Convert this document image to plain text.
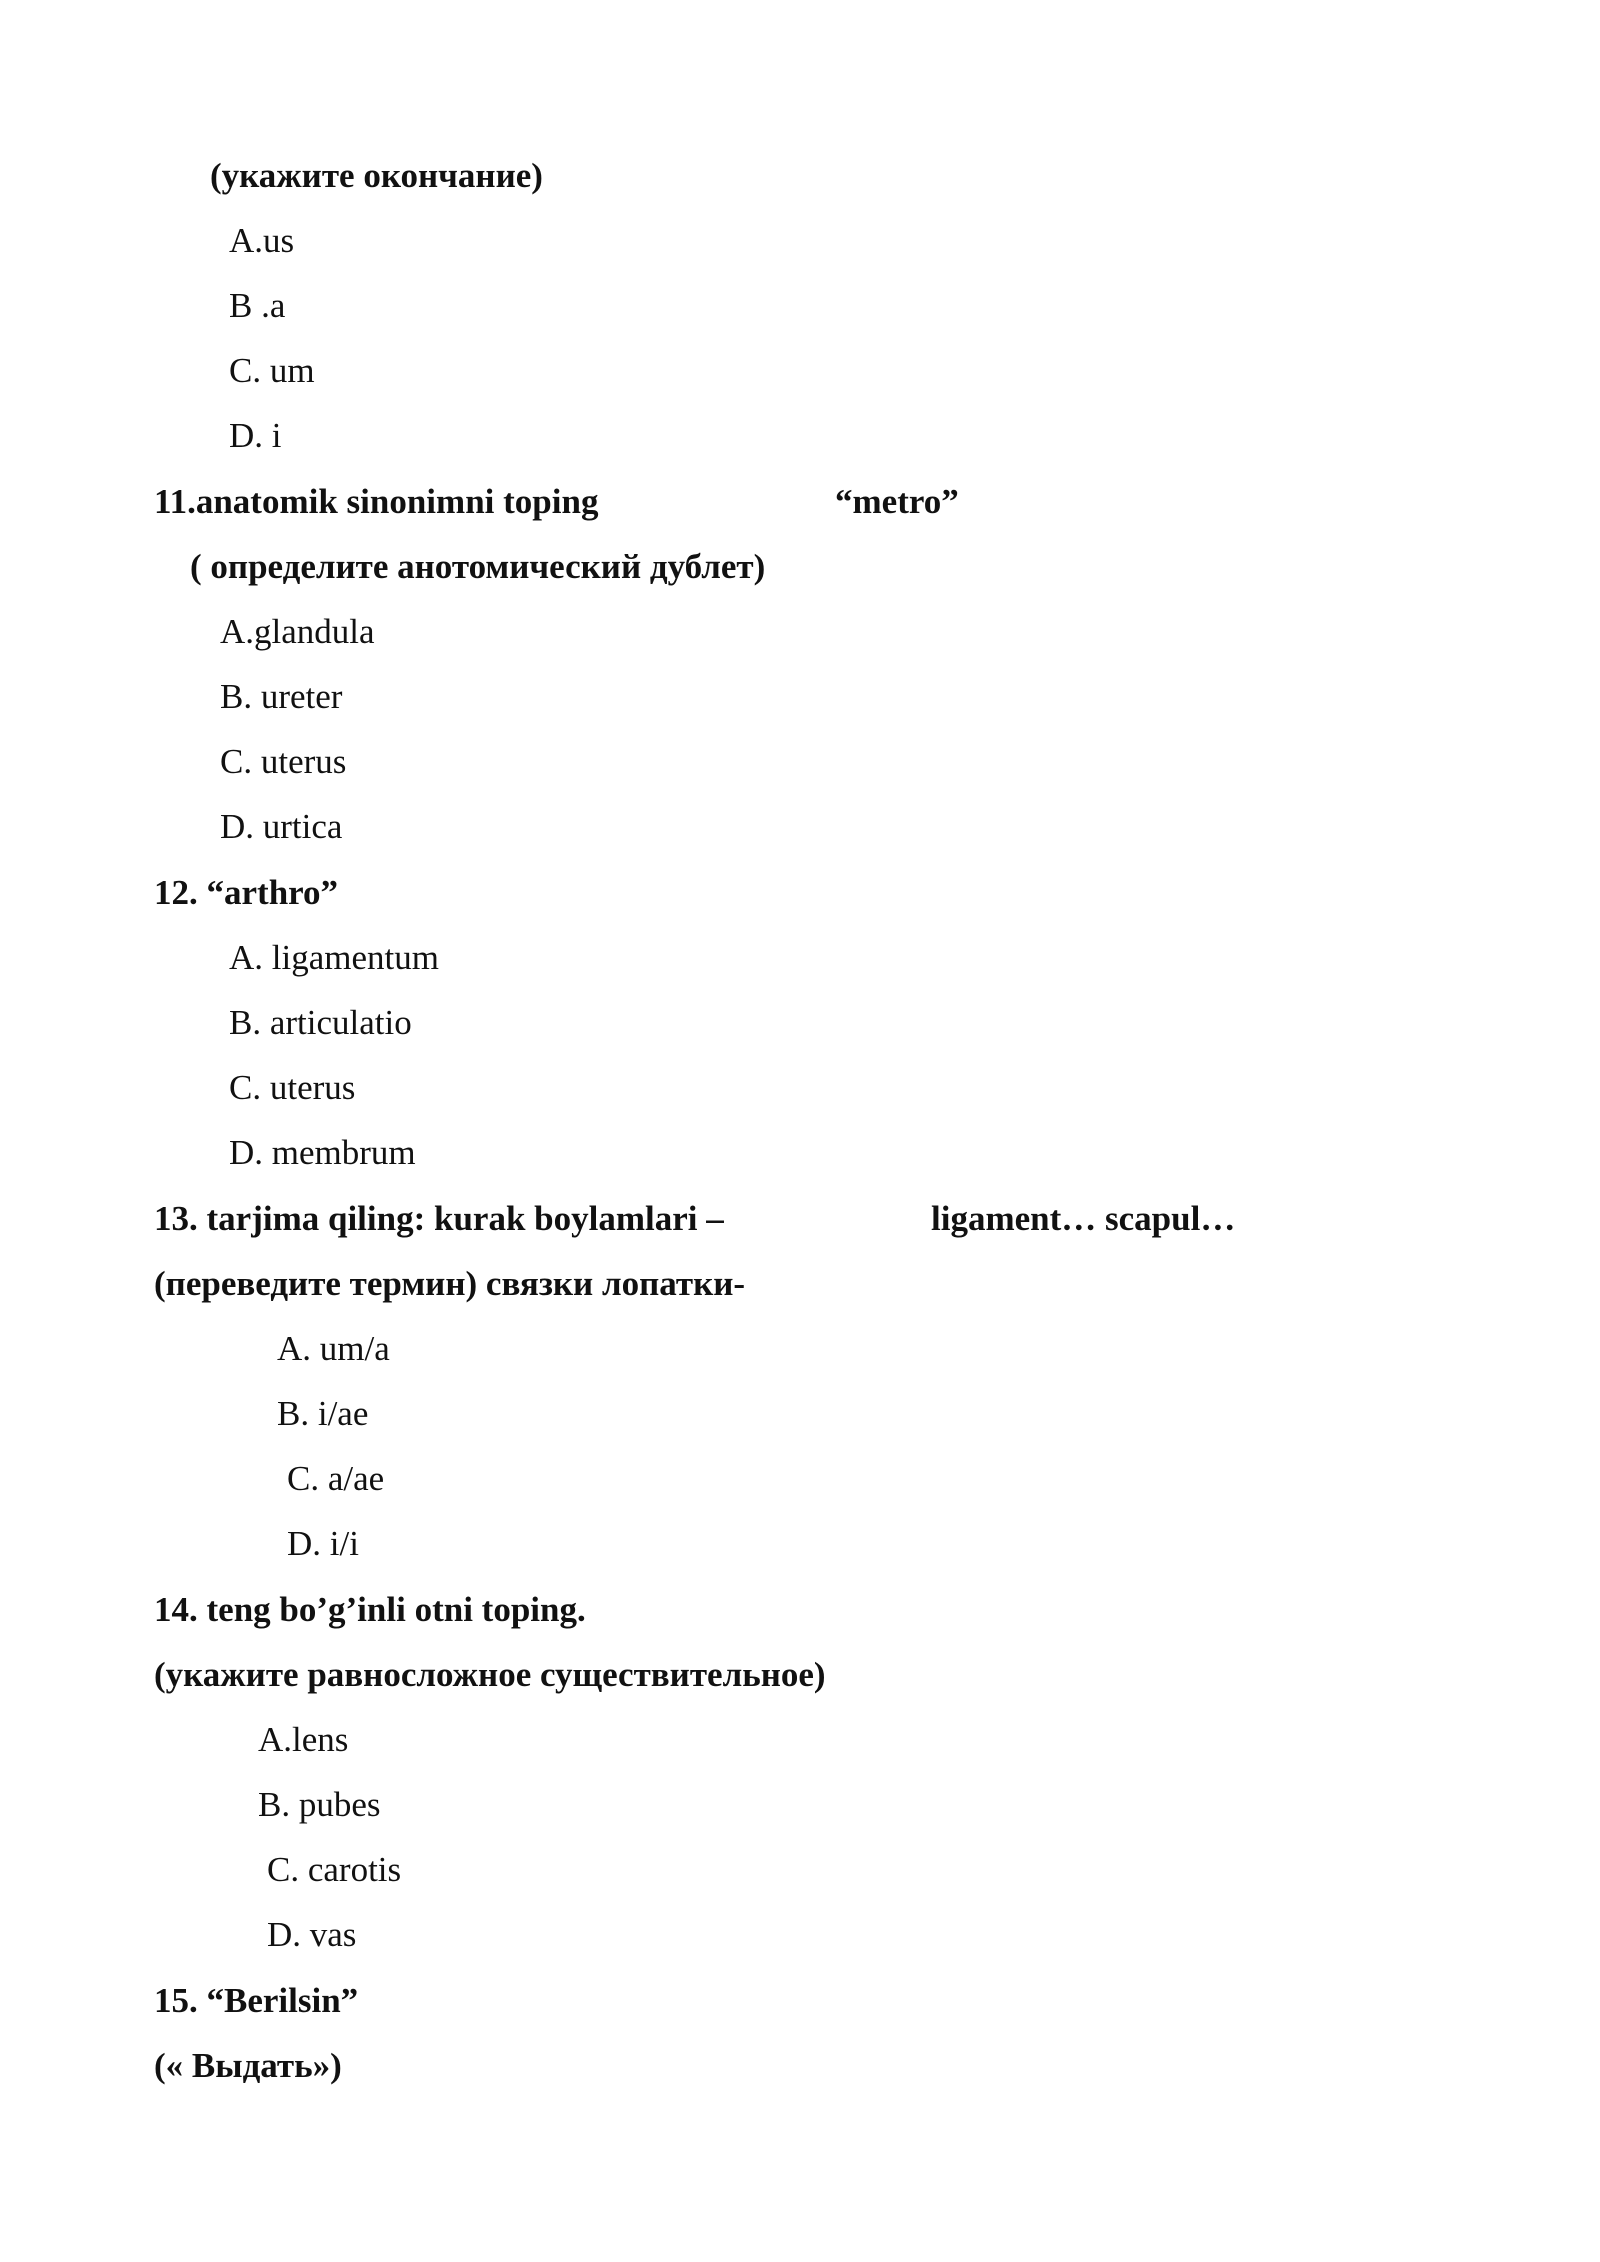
(укажите окончание)
A.us
B .a
C. um
D. i
11.anatomik sinonimni toping	“metro”
( определите анотомический дублет)
A.glandula
B. ureter
C. uterus
D. urtica
12. “arthro”
A. ligamentum
B. articulatio
C. uterus
D. membrum
13. tarjima qiling: kurak boylamlari –	ligament… scapul…
(переведите термин) связки лопатки-
A. um/a
B. i/ae
C. a/ae
D. i/i
14. teng bo’g’inli otni toping.
(укажите равносложное существительное)
A.lens
B. pubes
C. carotis
D. vas
15. “Berilsin”
(« Выдать»)
